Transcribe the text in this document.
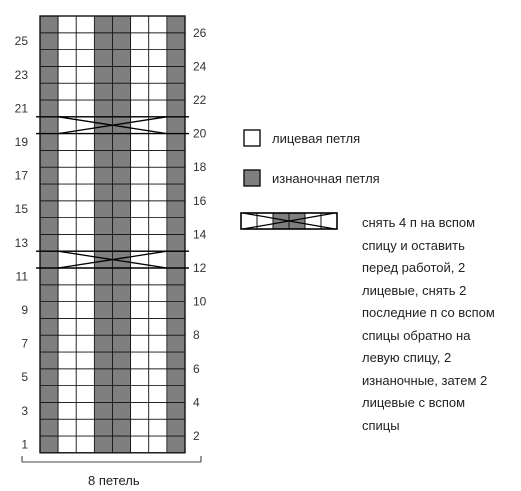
1
3
5
7
9
11
13
15
17
19
21
23
25
2
4
6
8
10
12
14
16
18
20
22
24
26
лицевая петля
изнаночная петля
снять 4 п на вспом
спицу и оставить
перед работой, 2
лицевые, снять 2
последние п со вспом
спицы обратно на
левую спицу, 2
изнаночные, затем 2
лицевые с вспом
спицы
8 петель
